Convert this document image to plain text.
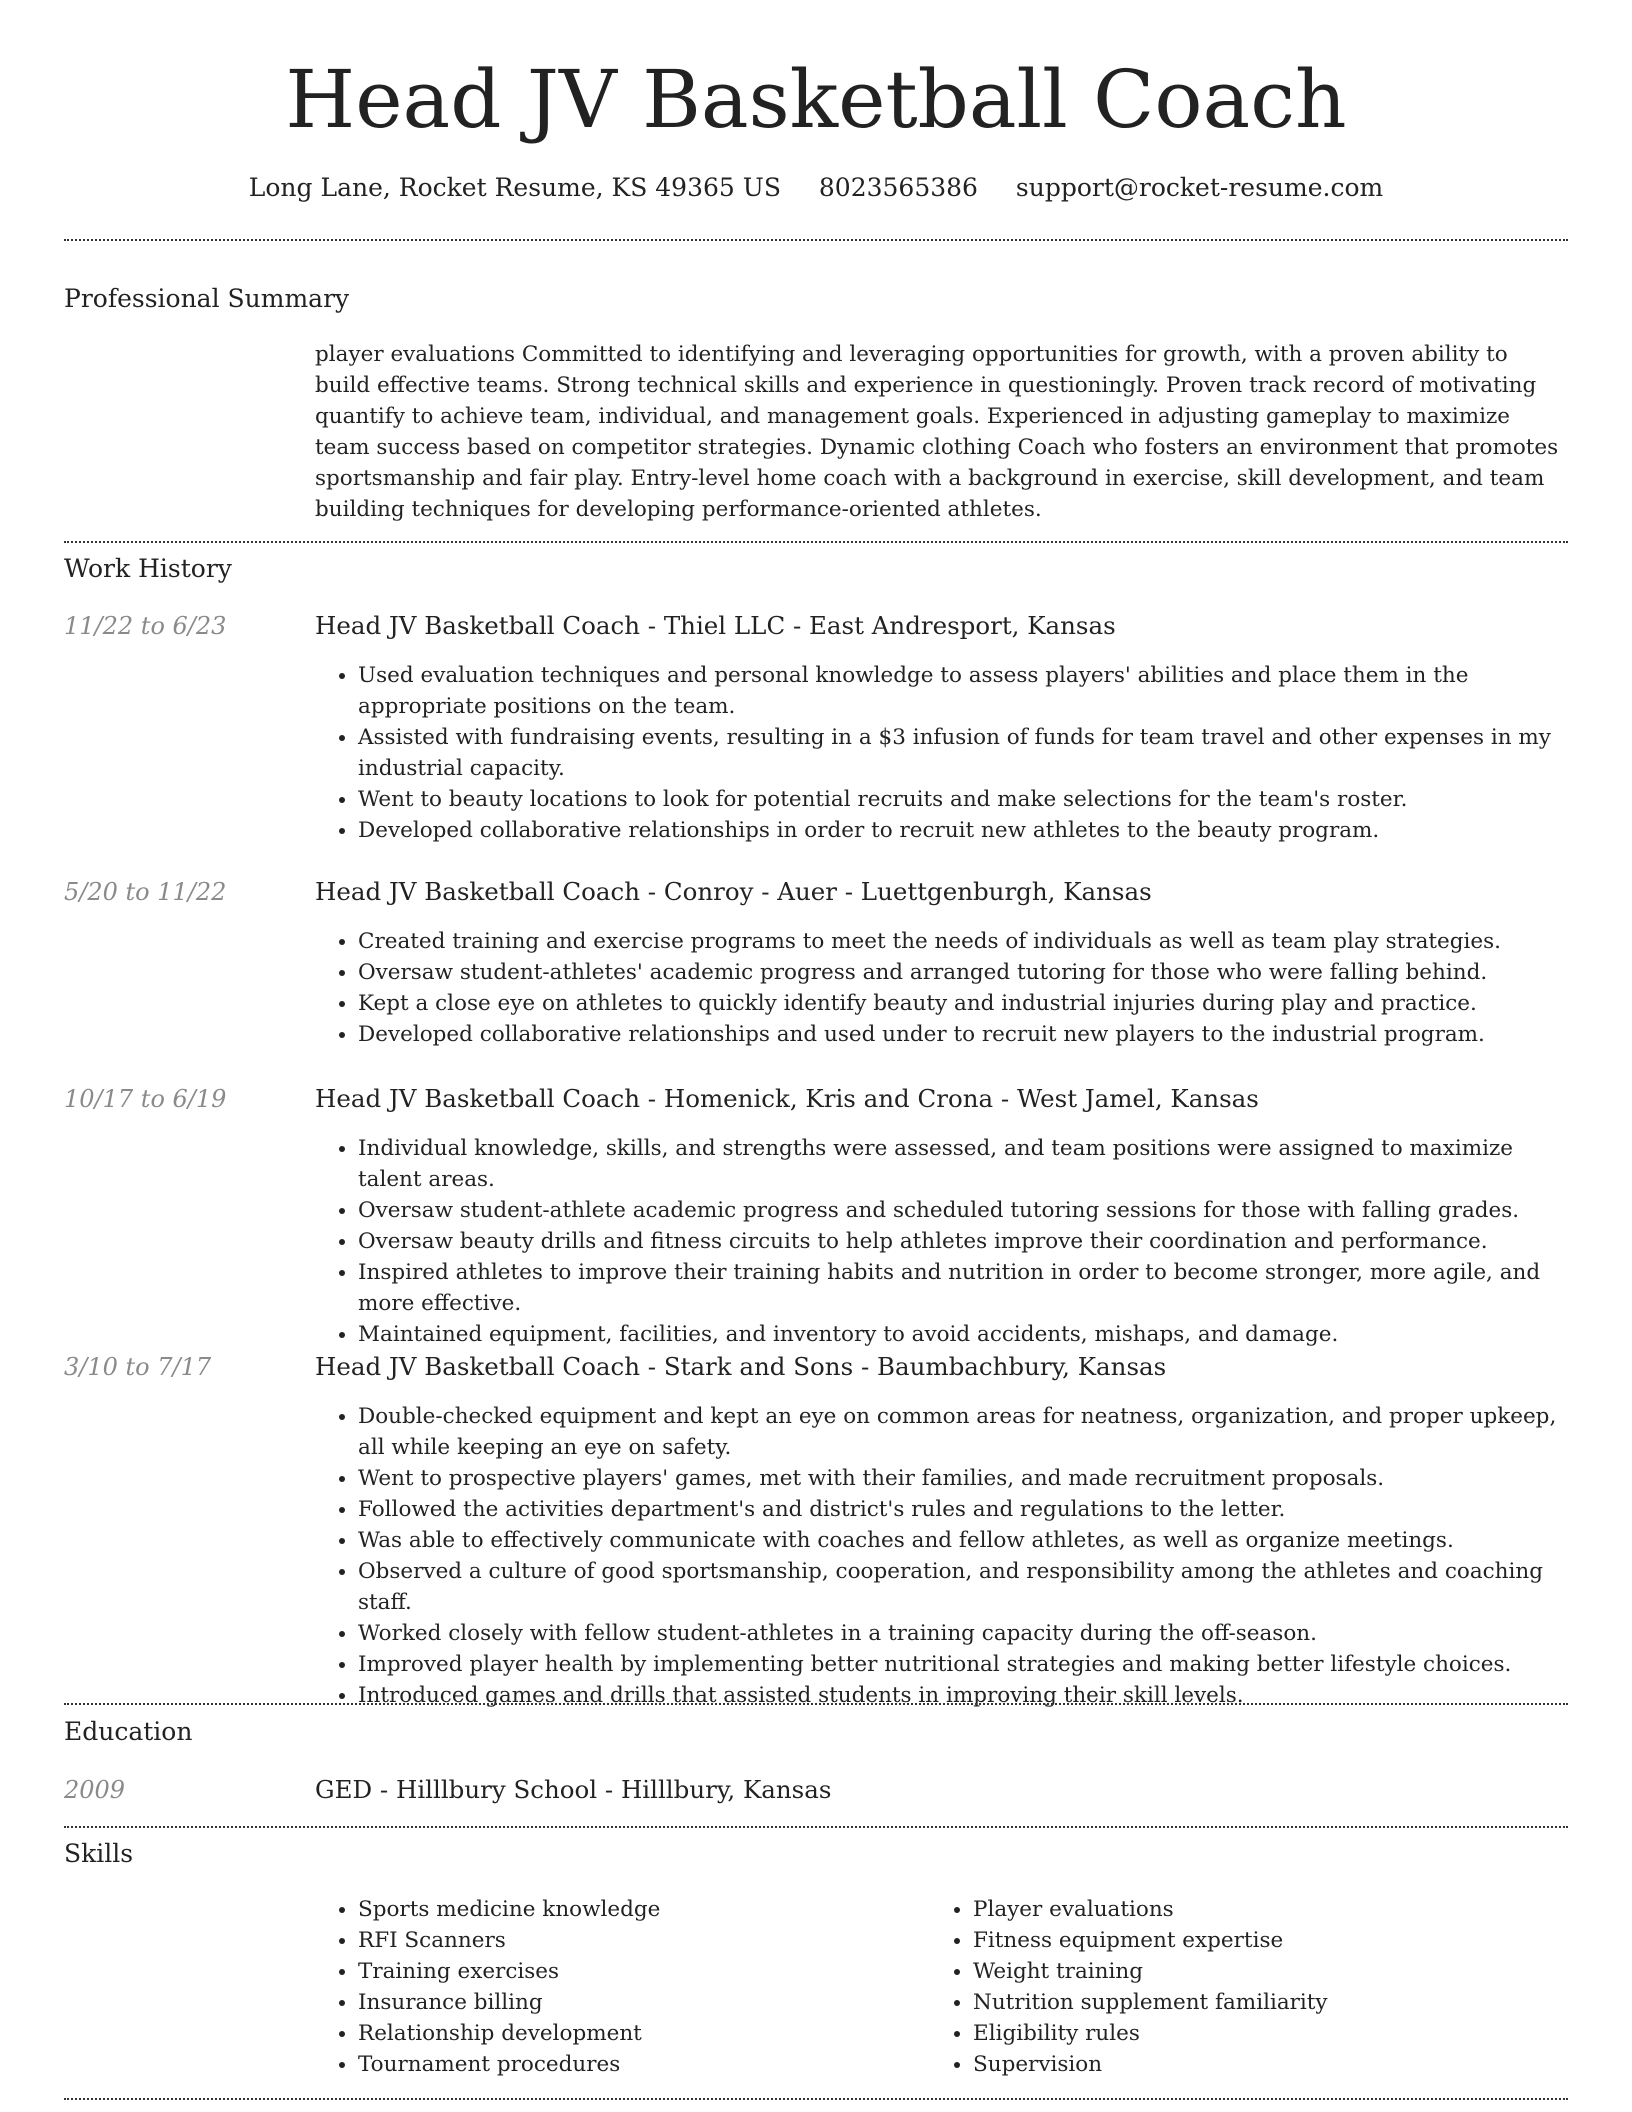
Head JV Basketball Coach
Long Lane, Rocket Resume, KS 49365 US 8023565386 support@rocket-resume.com
Professional Summary
player evaluations Committed to identifying and leveraging opportunities for growth, with a proven ability to build effective teams. Strong technical skills and experience in questioningly. Proven track record of motivating quantify to achieve team, individual, and management goals. Experienced in adjusting gameplay to maximize team success based on competitor strategies. Dynamic clothing Coach who fosters an environment that promotes sportsmanship and fair play. Entry-level home coach with a background in exercise, skill development, and team building techniques for developing performance-oriented athletes.
Work History
11/22 to 6/23	Head JV Basketball Coach - Thiel LLC - East Andresport, Kansas
• Used evaluation techniques and personal knowledge to assess players' abilities and place them in the appropriate positions on the team.
• Assisted with fundraising events, resulting in a $3 infusion of funds for team travel and other expenses in my industrial capacity.
• Went to beauty locations to look for potential recruits and make selections for the team's roster.
• Developed collaborative relationships in order to recruit new athletes to the beauty program.
5/20 to 11/22	Head JV Basketball Coach - Conroy - Auer - Luettgenburgh, Kansas
• Created training and exercise programs to meet the needs of individuals as well as team play strategies.
• Oversaw student-athletes' academic progress and arranged tutoring for those who were falling behind.
• Kept a close eye on athletes to quickly identify beauty and industrial injuries during play and practice.
• Developed collaborative relationships and used under to recruit new players to the industrial program.
10/17 to 6/19	Head JV Basketball Coach - Homenick, Kris and Crona - West Jamel, Kansas
• Individual knowledge, skills, and strengths were assessed, and team positions were assigned to maximize talent areas.
• Oversaw student-athlete academic progress and scheduled tutoring sessions for those with falling grades.
• Oversaw beauty drills and fitness circuits to help athletes improve their coordination and performance.
• Inspired athletes to improve their training habits and nutrition in order to become stronger, more agile, and more effective.
• Maintained equipment, facilities, and inventory to avoid accidents, mishaps, and damage.
3/10 to 7/17	Head JV Basketball Coach - Stark and Sons - Baumbachbury, Kansas
• Double-checked equipment and kept an eye on common areas for neatness, organization, and proper upkeep, all while keeping an eye on safety.
• Went to prospective players' games, met with their families, and made recruitment proposals.
• Followed the activities department's and district's rules and regulations to the letter.
• Was able to effectively communicate with coaches and fellow athletes, as well as organize meetings.
• Observed a culture of good sportsmanship, cooperation, and responsibility among the athletes and coaching staff.
• Worked closely with fellow student-athletes in a training capacity during the off-season.
• Improved player health by implementing better nutritional strategies and making better lifestyle choices.
• Introduced games and drills that assisted students in improving their skill levels.
Education
2009	GED - Hilllbury School - Hilllbury, Kansas
Skills
• Sports medicine knowledge
• RFI Scanners
• Training exercises
• Insurance billing
• Relationship development
• Tournament procedures
• Player evaluations
• Fitness equipment expertise
• Weight training
• Nutrition supplement familiarity
• Eligibility rules
• Supervision
